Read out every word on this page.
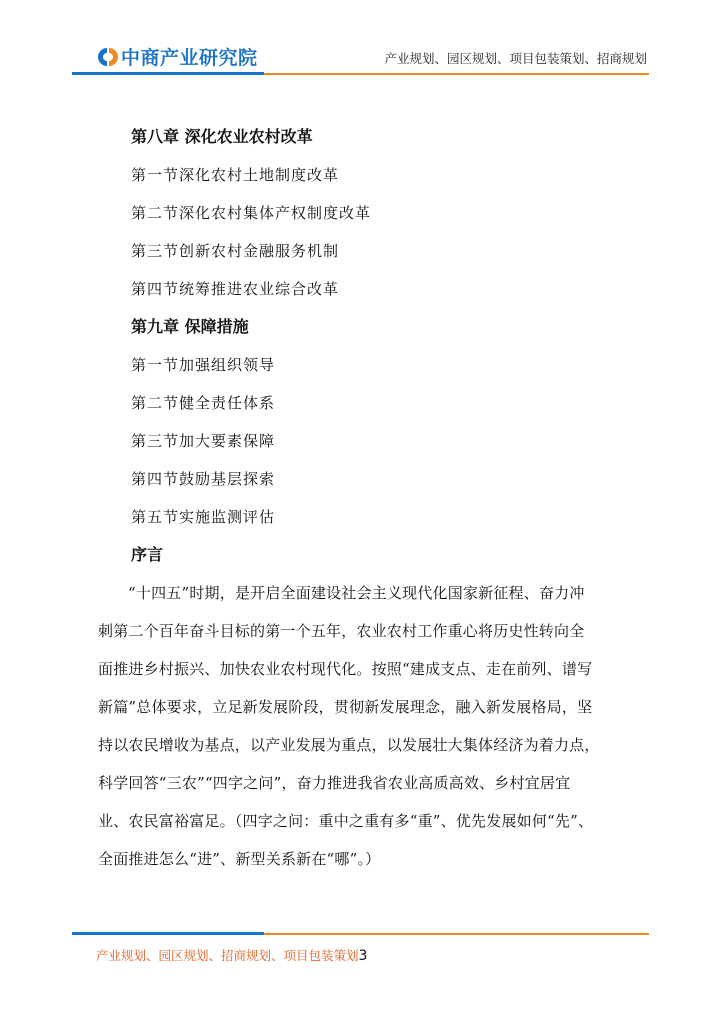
中商产业研究院	产业规划、园区规划、项目包装策划、招商规划
第八章 深化农业农村改革
第一节深化农村土地制度改革
第二节深化农村集体产权制度改革
第三节创新农村金融服务机制
第四节统筹推进农业综合改革
第九章 保障措施
第一节加强组织领导
第二节健全责任体系
第三节加大要素保障
第四节鼓励基层探索
第五节实施监测评估
序言
“十四五”时期，是开启全面建设社会主义现代化国家新征程、奋力冲
刺第二个百年奋斗目标的第一个五年，农业农村工作重心将历史性转向全
面推进乡村振兴、加快农业农村现代化。按照“建成支点、走在前列、谱写
新篇”总体要求，立足新发展阶段，贯彻新发展理念，融入新发展格局，坚
持以农民增收为基点，以产业发展为重点，以发展壮大集体经济为着力点，
科学回答“三农”“四字之问”，奋力推进我省农业高质高效、乡村宜居宜
业、农民富裕富足。（四字之问：重中之重有多“重”、优先发展如何“先”、
全面推进怎么“进”、新型关系新在“哪”。）
产业规划、园区规划、招商规划、项目包装策划3
